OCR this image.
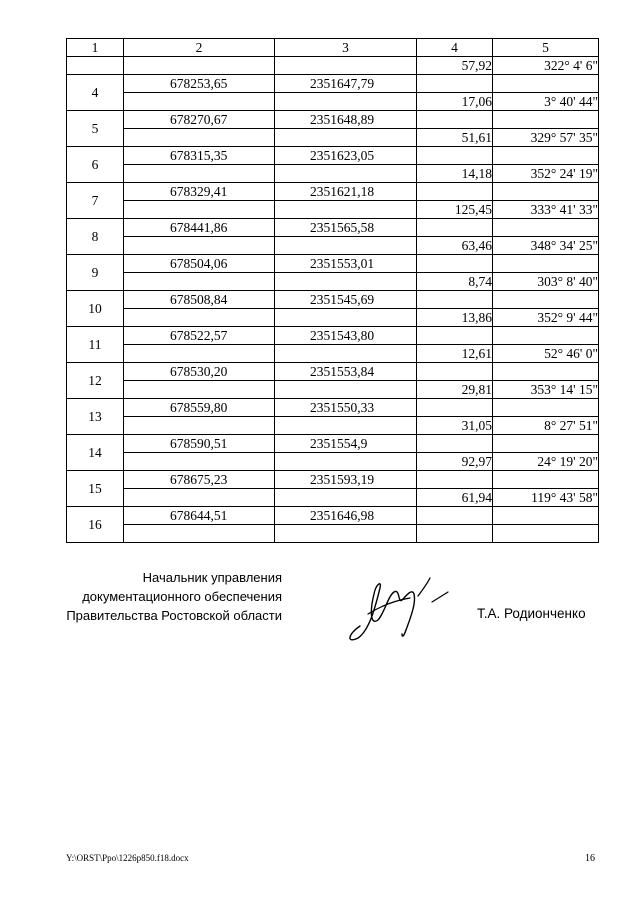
1	2	3	4	5
			57,92	322° 4' 6"
4	678253,65	2351647,79		

			17,06	3° 40' 44"
5	678270,67	2351648,89		

			51,61	329° 57' 35"
6	678315,35	2351623,05		

			14,18	352° 24' 19"
7	678329,41	2351621,18		

			125,45	333° 41' 33"
8	678441,86	2351565,58		

			63,46	348° 34' 25"
9	678504,06	2351553,01		

			8,74	303° 8' 40"
10	678508,84	2351545,69		

			13,86	352° 9' 44"
11	678522,57	2351543,80		

			12,61	52° 46' 0"
12	678530,20	2351553,84		

			29,81	353° 14' 15"
13	678559,80	2351550,33		

			31,05	8° 27' 51"
14	678590,51	2351554,9		

			92,97	24° 19' 20"
15	678675,23	2351593,19		

			61,94	119° 43' 58"
16	678644,51	2351646,98		

Начальник управления
документационного обеспечения
Правительства Ростовской области	Т.А. Родионченко
Y:\ORST\Ppo\1226p850.f18.docx	16
